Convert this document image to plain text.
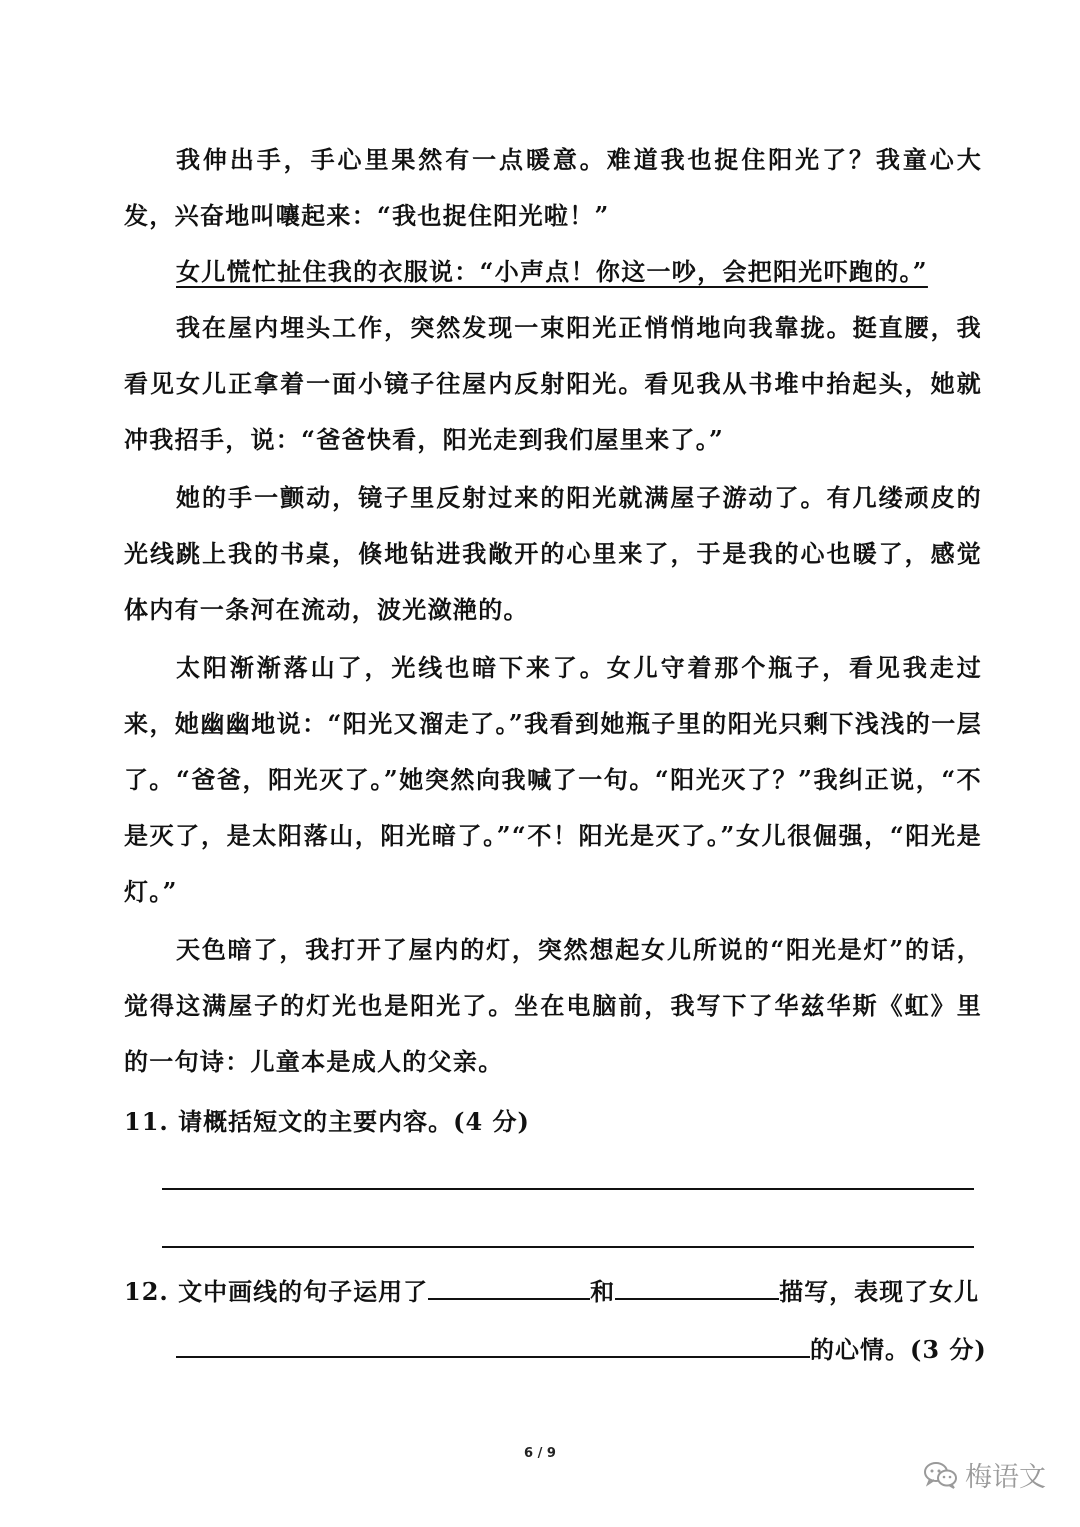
我伸出手，手心里果然有一点暖意。难道我也捉住阳光了？我童心大发，兴奋地叫嚷起来：“我也捉住阳光啦！”

女儿慌忙扯住我的衣服说：“小声点！你这一吵，会把阳光吓跑的。”

我在屋内埋头工作，突然发现一束阳光正悄悄地向我靠拢。挺直腰，我看见女儿正拿着一面小镜子往屋内反射阳光。看见我从书堆中抬起头，她就冲我招手，说：“爸爸快看，阳光走到我们屋里来了。”

她的手一颤动，镜子里反射过来的阳光就满屋子游动了。有几缕顽皮的光线跳上我的书桌，倏地钻进我敞开的心里来了，于是我的心也暖了，感觉体内有一条河在流动，波光潋滟的。

太阳渐渐落山了，光线也暗下来了。女儿守着那个瓶子，看见我走过来，她幽幽地说：“阳光又溜走了。”我看到她瓶子里的阳光只剩下浅浅的一层了。 “爸爸，阳光灭了。”她突然向我喊了一句。“阳光灭了？”我纠正说，“不是灭了，是太阳落山，阳光暗了。”“不！阳光是灭了。”女儿很倔强，“阳光是灯。”

天色暗了，我打开了屋内的灯，突然想起女儿所说的“阳光是灯”的话，觉得这满屋子的灯光也是阳光了。坐在电脑前，我写下了华兹华斯《虹》里的一句诗：儿童本是成人的父亲。

11. 请概括短文的主要内容。(4 分)

12. 文中画线的句子运用了	和	描写，表现了女儿

的心情。(3 分)

6 / 9
梅语文
